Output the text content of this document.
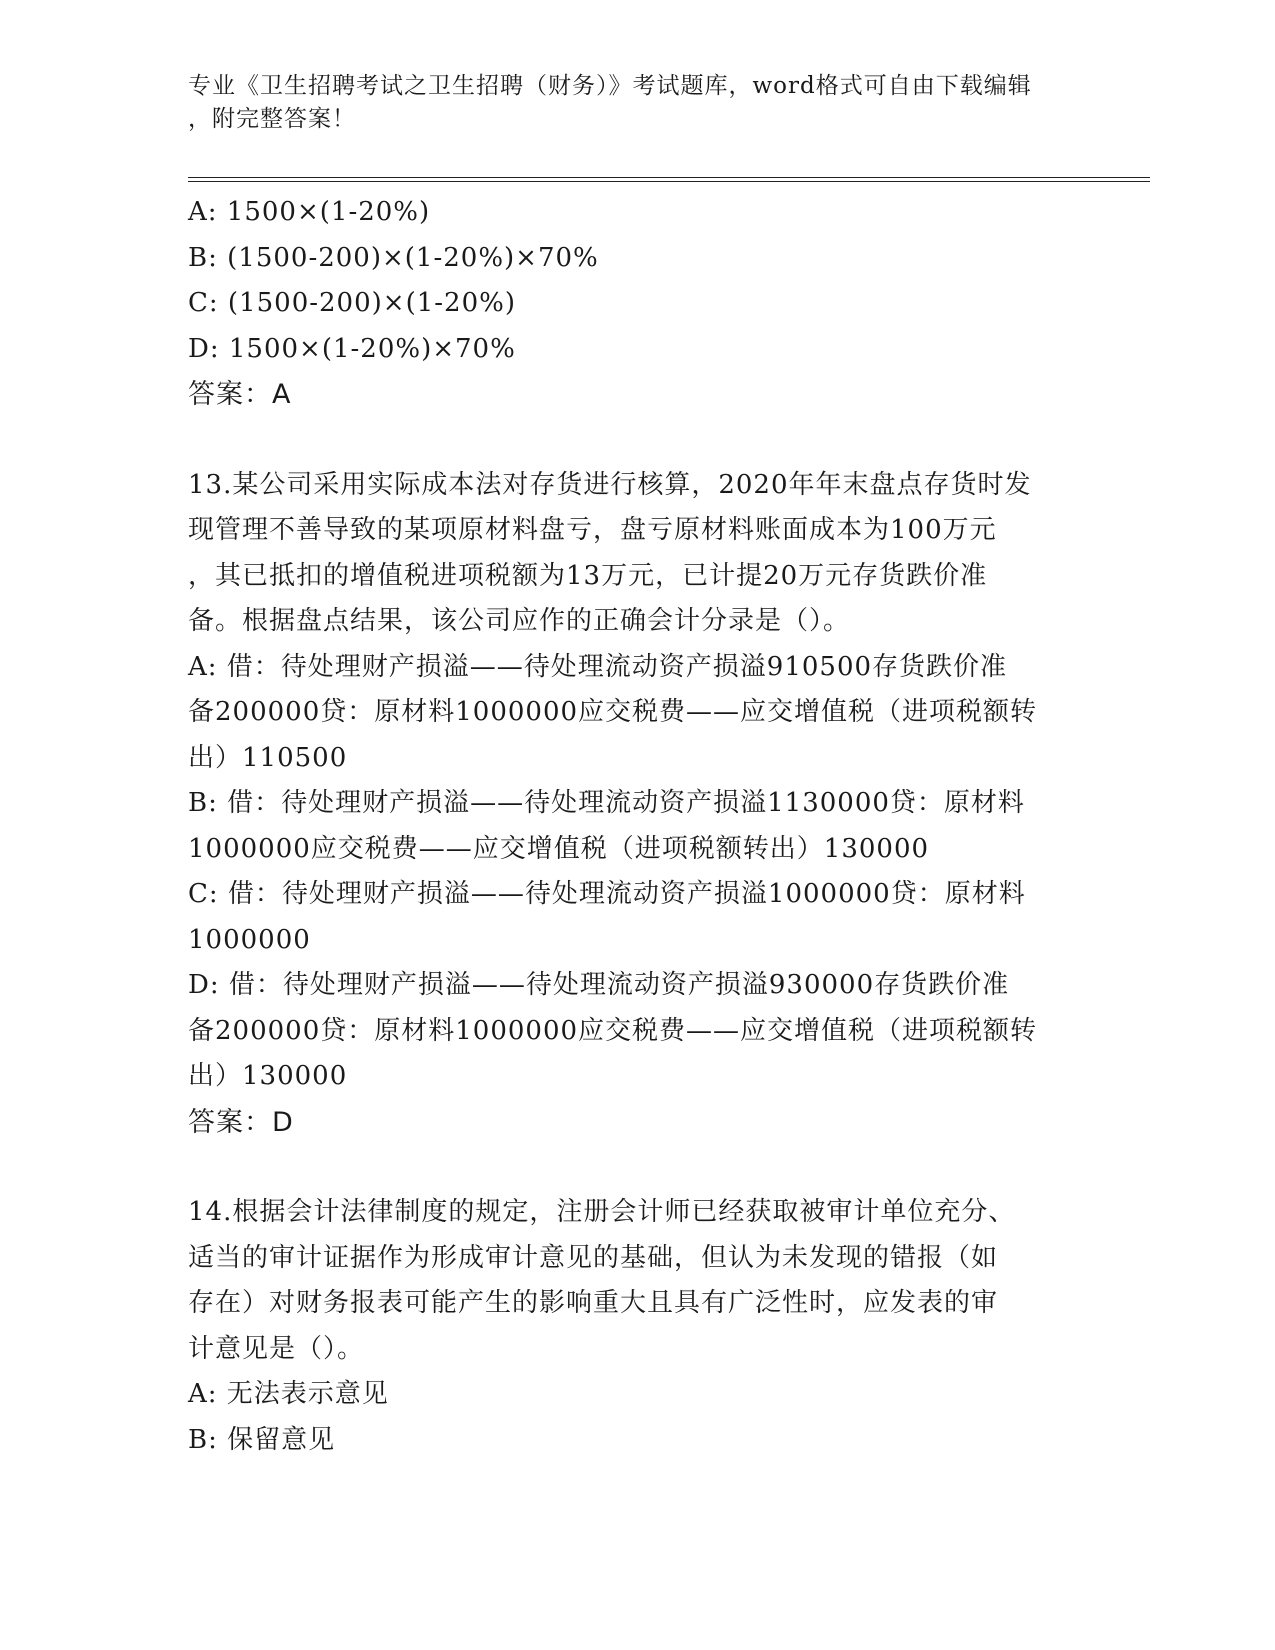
专业《卫生招聘考试之卫生招聘（财务）》考试题库，word格式可自由下载编辑
，附完整答案！
A: 1500×(1-20%)
B: (1500-200)×(1-20%)×70%
C: (1500-200)×(1-20%)
D: 1500×(1-20%)×70%
答案：A
13.某公司采用实际成本法对存货进行核算，2020年年末盘点存货时发
现管理不善导致的某项原材料盘亏，盘亏原材料账面成本为100万元
，其已抵扣的增值税进项税额为13万元，已计提20万元存货跌价准
备。根据盘点结果，该公司应作的正确会计分录是（）。
A: 借：待处理财产损溢——待处理流动资产损溢910500存货跌价准
备200000贷：原材料1000000应交税费——应交增值税（进项税额转
出）110500
B: 借：待处理财产损溢——待处理流动资产损溢1130000贷：原材料
1000000应交税费——应交增值税（进项税额转出）130000
C: 借：待处理财产损溢——待处理流动资产损溢1000000贷：原材料
1000000
D: 借：待处理财产损溢——待处理流动资产损溢930000存货跌价准
备200000贷：原材料1000000应交税费——应交增值税（进项税额转
出）130000
答案：D
14.根据会计法律制度的规定，注册会计师已经获取被审计单位充分、
适当的审计证据作为形成审计意见的基础，但认为未发现的错报（如
存在）对财务报表可能产生的影响重大且具有广泛性时，应发表的审
计意见是（）。
A: 无法表示意见
B: 保留意见
